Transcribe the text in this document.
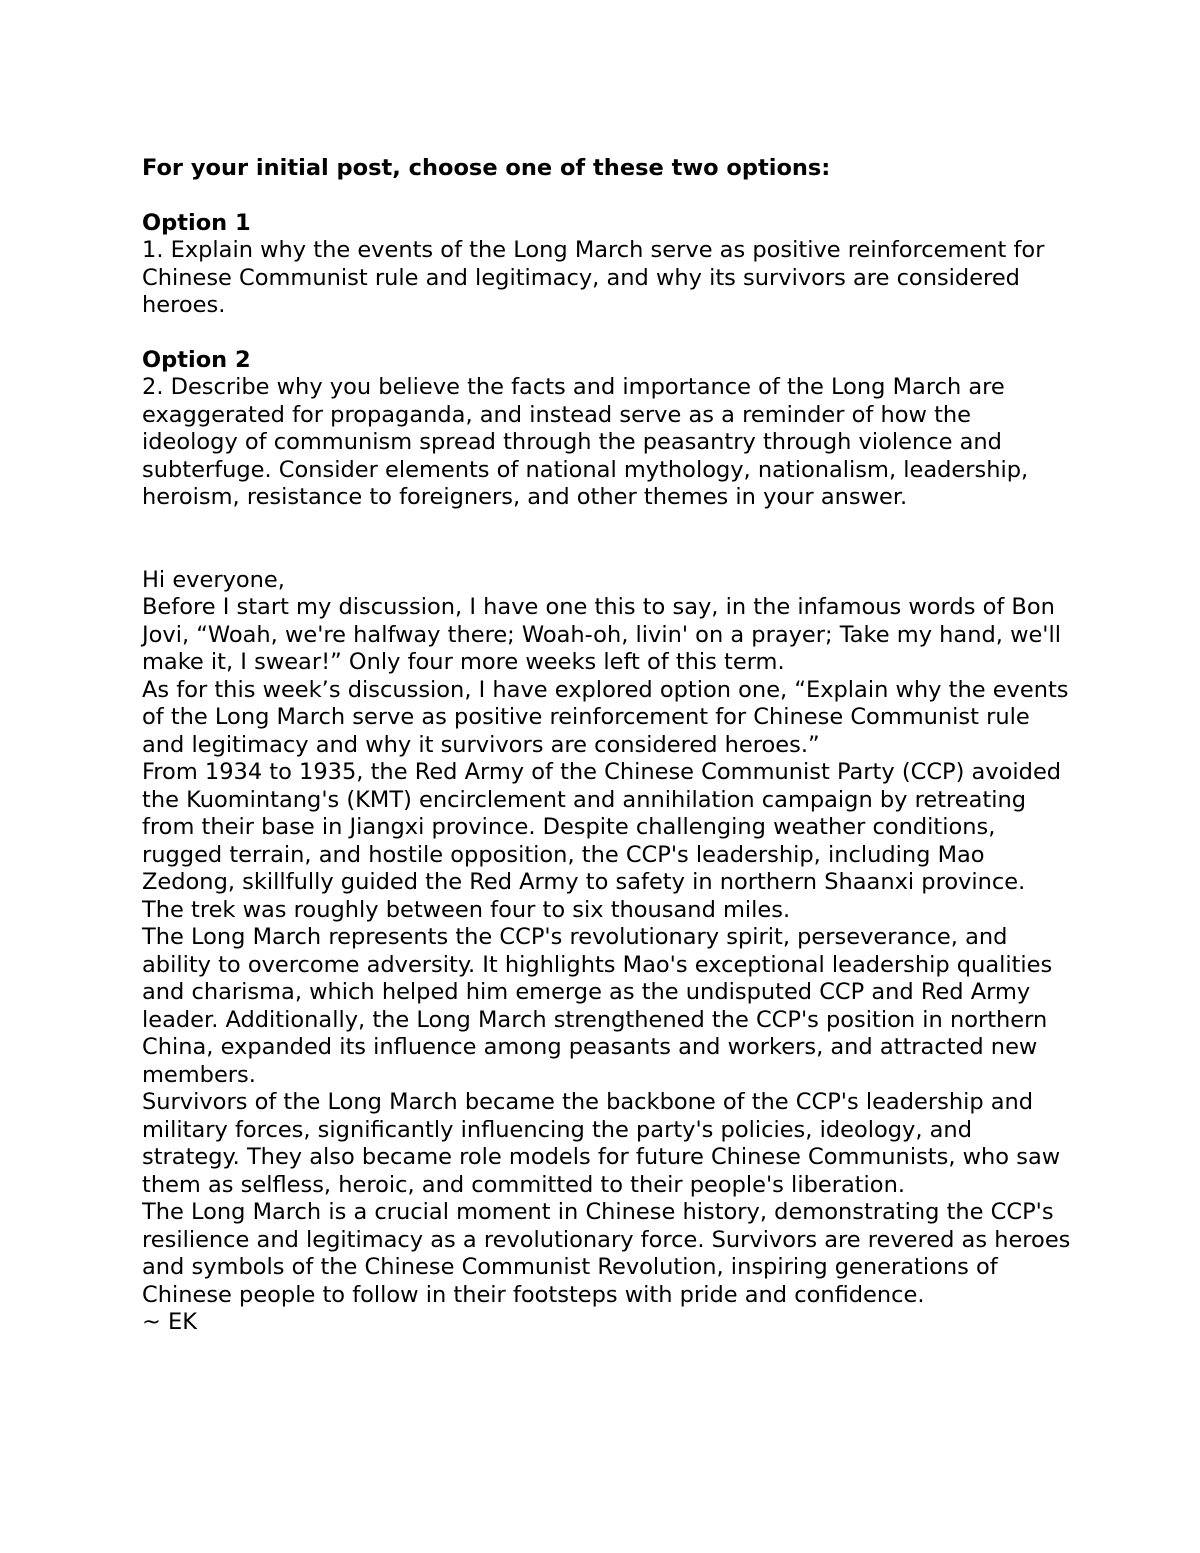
For your initial post, choose one of these two options:

Option 1

1. Explain why the events of the Long March serve as positive reinforcement for Chinese Communist rule and legitimacy, and why its survivors are considered heroes.

Option 2

2. Describe why you believe the facts and importance of the Long March are exaggerated for propaganda, and instead serve as a reminder of how the ideology of communism spread through the peasantry through violence and subterfuge. Consider elements of national mythology, nationalism, leadership, heroism, resistance to foreigners, and other themes in your answer.

Hi everyone,

Before I start my discussion, I have one this to say, in the infamous words of Bon Jovi, “Woah, we're halfway there; Woah-oh, livin' on a prayer; Take my hand, we'll make it, I swear!” Only four more weeks left of this term.

As for this week’s discussion, I have explored option one, “Explain why the events of the Long March serve as positive reinforcement for Chinese Communist rule and legitimacy and why it survivors are considered heroes.”

From 1934 to 1935, the Red Army of the Chinese Communist Party (CCP) avoided the Kuomintang's (KMT) encirclement and annihilation campaign by retreating from their base in Jiangxi province. Despite challenging weather conditions, rugged terrain, and hostile opposition, the CCP's leadership, including Mao Zedong, skillfully guided the Red Army to safety in northern Shaanxi province. The trek was roughly between four to six thousand miles.

The Long March represents the CCP's revolutionary spirit, perseverance, and ability to overcome adversity. It highlights Mao's exceptional leadership qualities and charisma, which helped him emerge as the undisputed CCP and Red Army leader. Additionally, the Long March strengthened the CCP's position in northern China, expanded its influence among peasants and workers, and attracted new members.

Survivors of the Long March became the backbone of the CCP's leadership and military forces, significantly influencing the party's policies, ideology, and strategy. They also became role models for future Chinese Communists, who saw them as selfless, heroic, and committed to their people's liberation.

The Long March is a crucial moment in Chinese history, demonstrating the CCP's resilience and legitimacy as a revolutionary force. Survivors are revered as heroes and symbols of the Chinese Communist Revolution, inspiring generations of Chinese people to follow in their footsteps with pride and confidence.

~ EK
